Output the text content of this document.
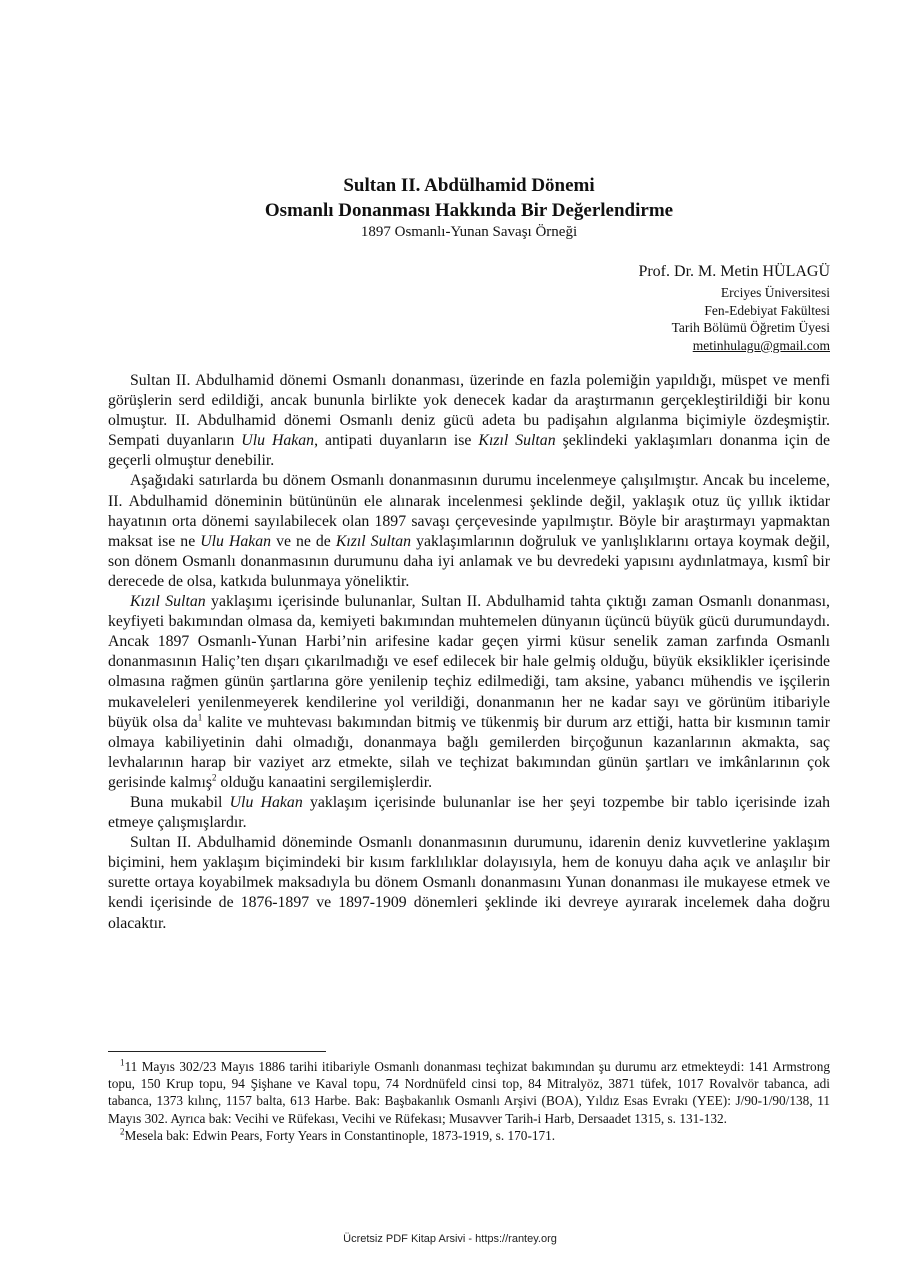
Sultan II. Abdülhamid Dönemi
Osmanlı Donanması Hakkında Bir Değerlendirme
1897 Osmanlı-Yunan Savaşı Örneği
Prof. Dr. M. Metin HÜLAGÜ
Erciyes Üniversitesi
Fen-Edebiyat Fakültesi
Tarih Bölümü Öğretim Üyesi
metinhulagu@gmail.com

Sultan II. Abdulhamid dönemi Osmanlı donanması, üzerinde en fazla polemiğin yapıldığı, müspet ve menfi görüşlerin serd edildiği, ancak bununla birlikte yok denecek kadar da araştırmanın gerçekleştirildiği bir konu olmuştur. II. Abdulhamid dönemi Osmanlı deniz gücü adeta bu padişahın algılanma biçimiyle özdeşmiştir. Sempati duyanların Ulu Hakan, antipati duyanların ise Kızıl Sultan şeklindeki yaklaşımları donanma için de geçerli olmuştur denebilir.

Aşağıdaki satırlarda bu dönem Osmanlı donanmasının durumu incelenmeye çalışılmıştır. Ancak bu inceleme, II. Abdulhamid döneminin bütününün ele alınarak incelenmesi şeklinde değil, yaklaşık otuz üç yıllık iktidar hayatının orta dönemi sayılabilecek olan 1897 savaşı çerçevesinde yapılmıştır. Böyle bir araştırmayı yapmaktan maksat ise ne Ulu Hakan ve ne de Kızıl Sultan yaklaşımlarının doğruluk ve yanlışlıklarını ortaya koymak değil, son dönem Osmanlı donanmasının durumunu daha iyi anlamak ve bu devredeki yapısını aydınlatmaya, kısmî bir derecede de olsa, katkıda bulunmaya yöneliktir.

Kızıl Sultan yaklaşımı içerisinde bulunanlar, Sultan II. Abdulhamid tahta çıktığı zaman Osmanlı donanması, keyfiyeti bakımından olmasa da, kemiyeti bakımından muhtemelen dünyanın üçüncü büyük gücü durumundaydı. Ancak 1897 Osmanlı-Yunan Harbi’nin arifesine kadar geçen yirmi küsur senelik zaman zarfında Osmanlı donanmasının Haliç’ten dışarı çıkarılmadığı ve esef edilecek bir hale gelmiş olduğu, büyük eksiklikler içerisinde olmasına rağmen günün şartlarına göre yenilenip teçhiz edilmediği, tam aksine, yabancı mühendis ve işçilerin mukaveleleri yenilenmeyerek kendilerine yol verildiği, donanmanın her ne kadar sayı ve görünüm itibariyle büyük olsa $da^1$ kalite ve muhtevası bakımından bitmiş ve tükenmiş bir durum arz ettiği, hatta bir kısmının tamir olmaya kabiliyetinin dahi olmadığı, donanmaya bağlı gemilerden birçoğunun kazanlarının akmakta, saç levhalarının harap bir vaziyet arz etmekte, silah ve teçhizat bakımından günün şartları ve imkânlarının çok gerisinde kalmış$^2$ olduğu kanaatini sergilemişlerdir.

Buna mukabil Ulu Hakan yaklaşım içerisinde bulunanlar ise her şeyi tozpembe bir tablo içerisinde izah etmeye çalışmışlardır.

Sultan II. Abdulhamid döneminde Osmanlı donanmasının durumunu, idarenin deniz kuvvetlerine yaklaşım biçimini, hem yaklaşım biçimindeki bir kısım farklılıklar dolayısıyla, hem de konuyu daha açık ve anlaşılır bir surette ortaya koyabilmek maksadıyla bu dönem Osmanlı donanmasını Yunan donanması ile mukayese etmek ve kendi içerisinde de 1876-1897 ve 1897-1909 dönemleri şeklinde iki devreye ayırarak incelemek daha doğru olacaktır.

$^1$11 Mayıs 302/23 Mayıs 1886 tarihi itibariyle Osmanlı donanması teçhizat bakımından şu durumu arz etmekteydi: 141 Armstrong topu, 150 Krup topu, 94 Şişhane ve Kaval topu, 74 Nordnüfeld cinsi top, 84 Mitralyöz, 3871 tüfek, 1017 Rovalvör tabanca, adi tabanca, 1373 kılınç, 1157 balta, 613 Harbe. Bak: Başbakanlık Osmanlı Arşivi (BOA), Yıldız Esas Evrakı (YEE): J/90-1/90/138, 11 Mayıs 302. Ayrıca bak: Vecihi ve Rüfekası, Vecihi ve Rüfekası; Musavver Tarih-i Harb, Dersaadet 1315, s. 131-132.

$^2$Mesela bak: Edwin Pears, Forty Years in Constantinople, 1873-1919, s. 170-171.

Ücretsiz PDF Kitap Arsivi - https://rantey.org
